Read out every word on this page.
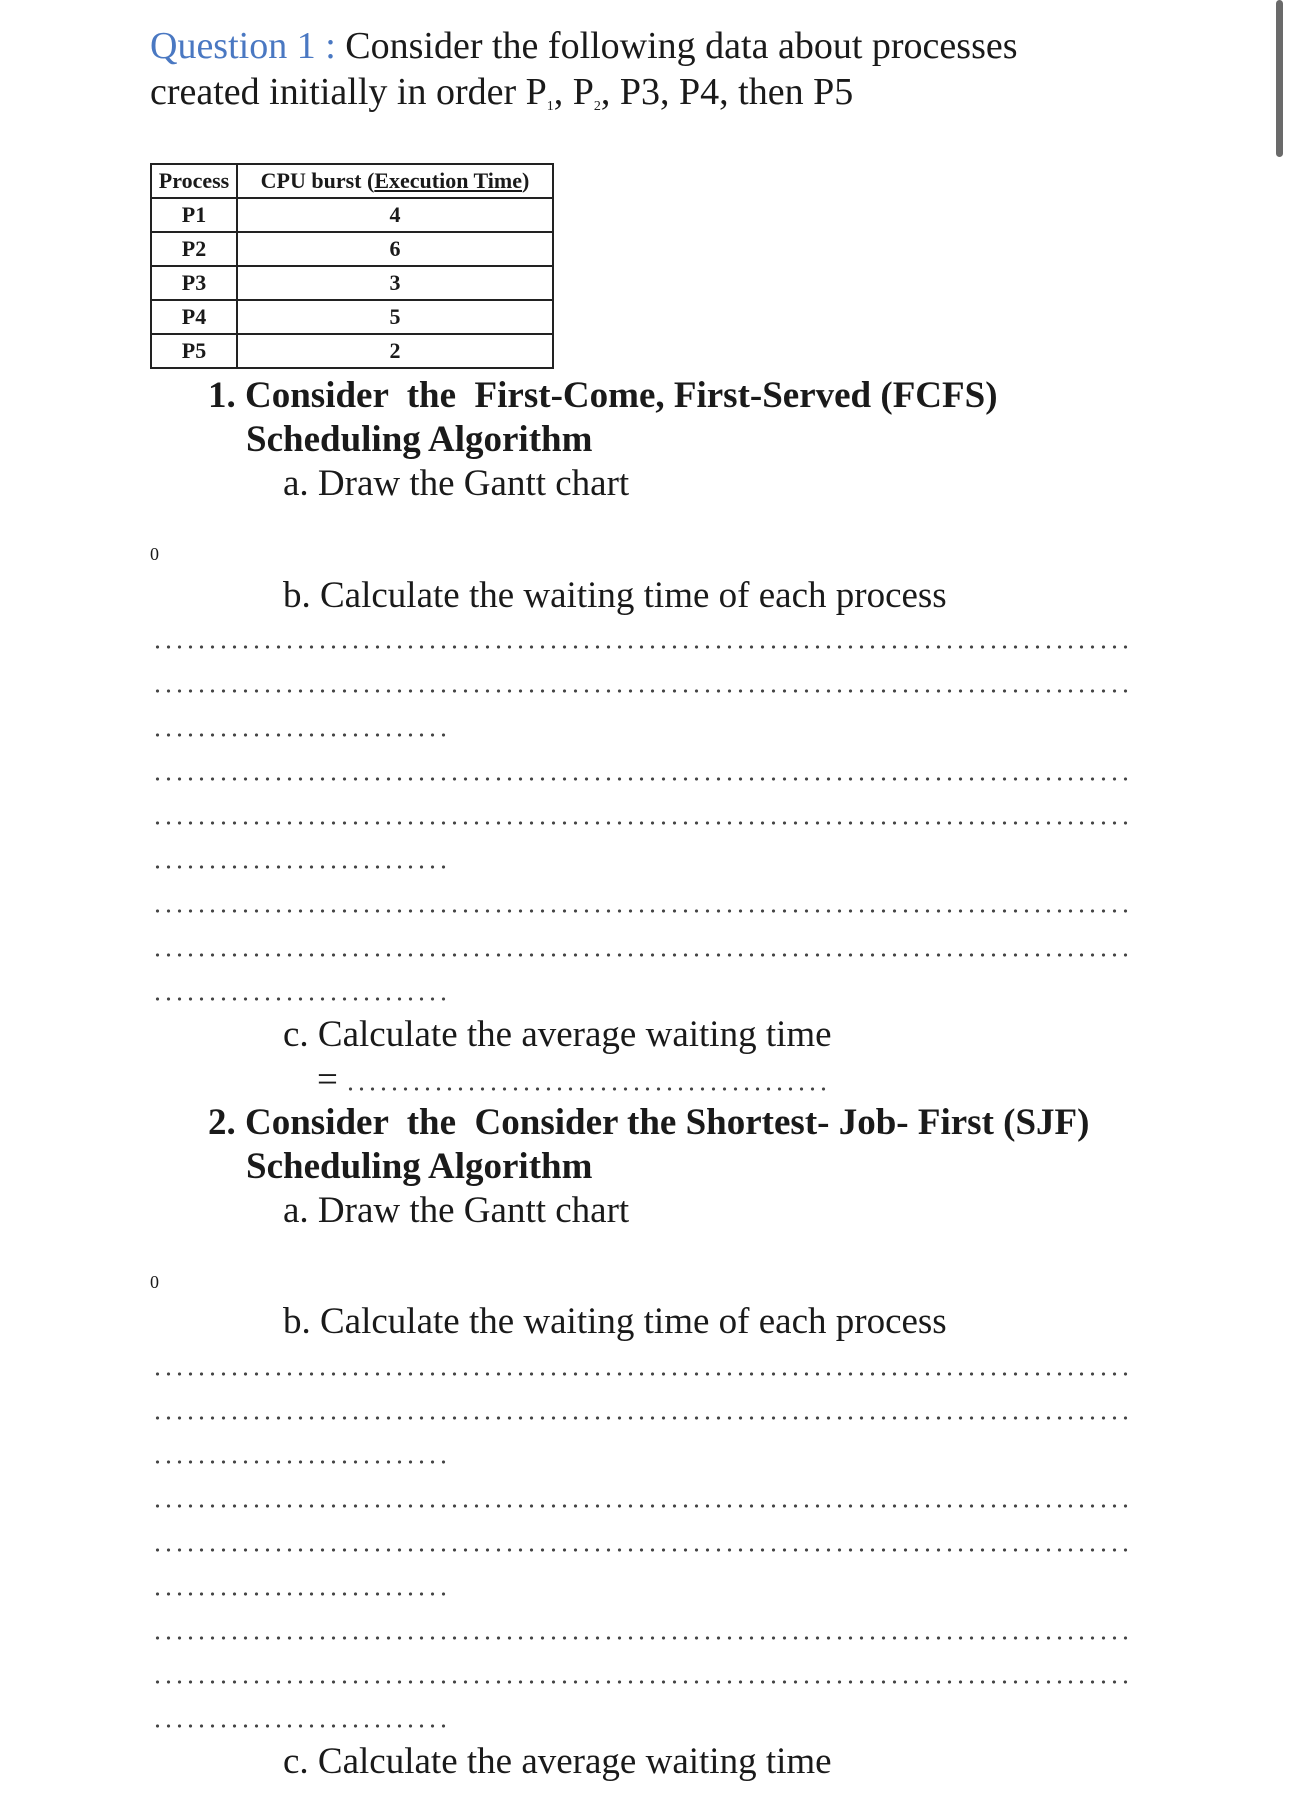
Question 1 : Consider the following data about processes
created initially in order $P_1$, $P_2$, P3, P4, then P5
Process	CPU burst (Execution Time)
P1	4
P2	6
P3	3
P4	5
P5	2
1. Consider  the  First-Come, First-Served (FCFS)
Scheduling Algorithm
a. Draw the Gantt chart
0
b. Calculate the waiting time of each process
c. Calculate the average waiting time
=
2. Consider  the  Consider the Shortest- Job- First (SJF)
Scheduling Algorithm
a. Draw the Gantt chart
0
b. Calculate the waiting time of each process
c. Calculate the average waiting time
